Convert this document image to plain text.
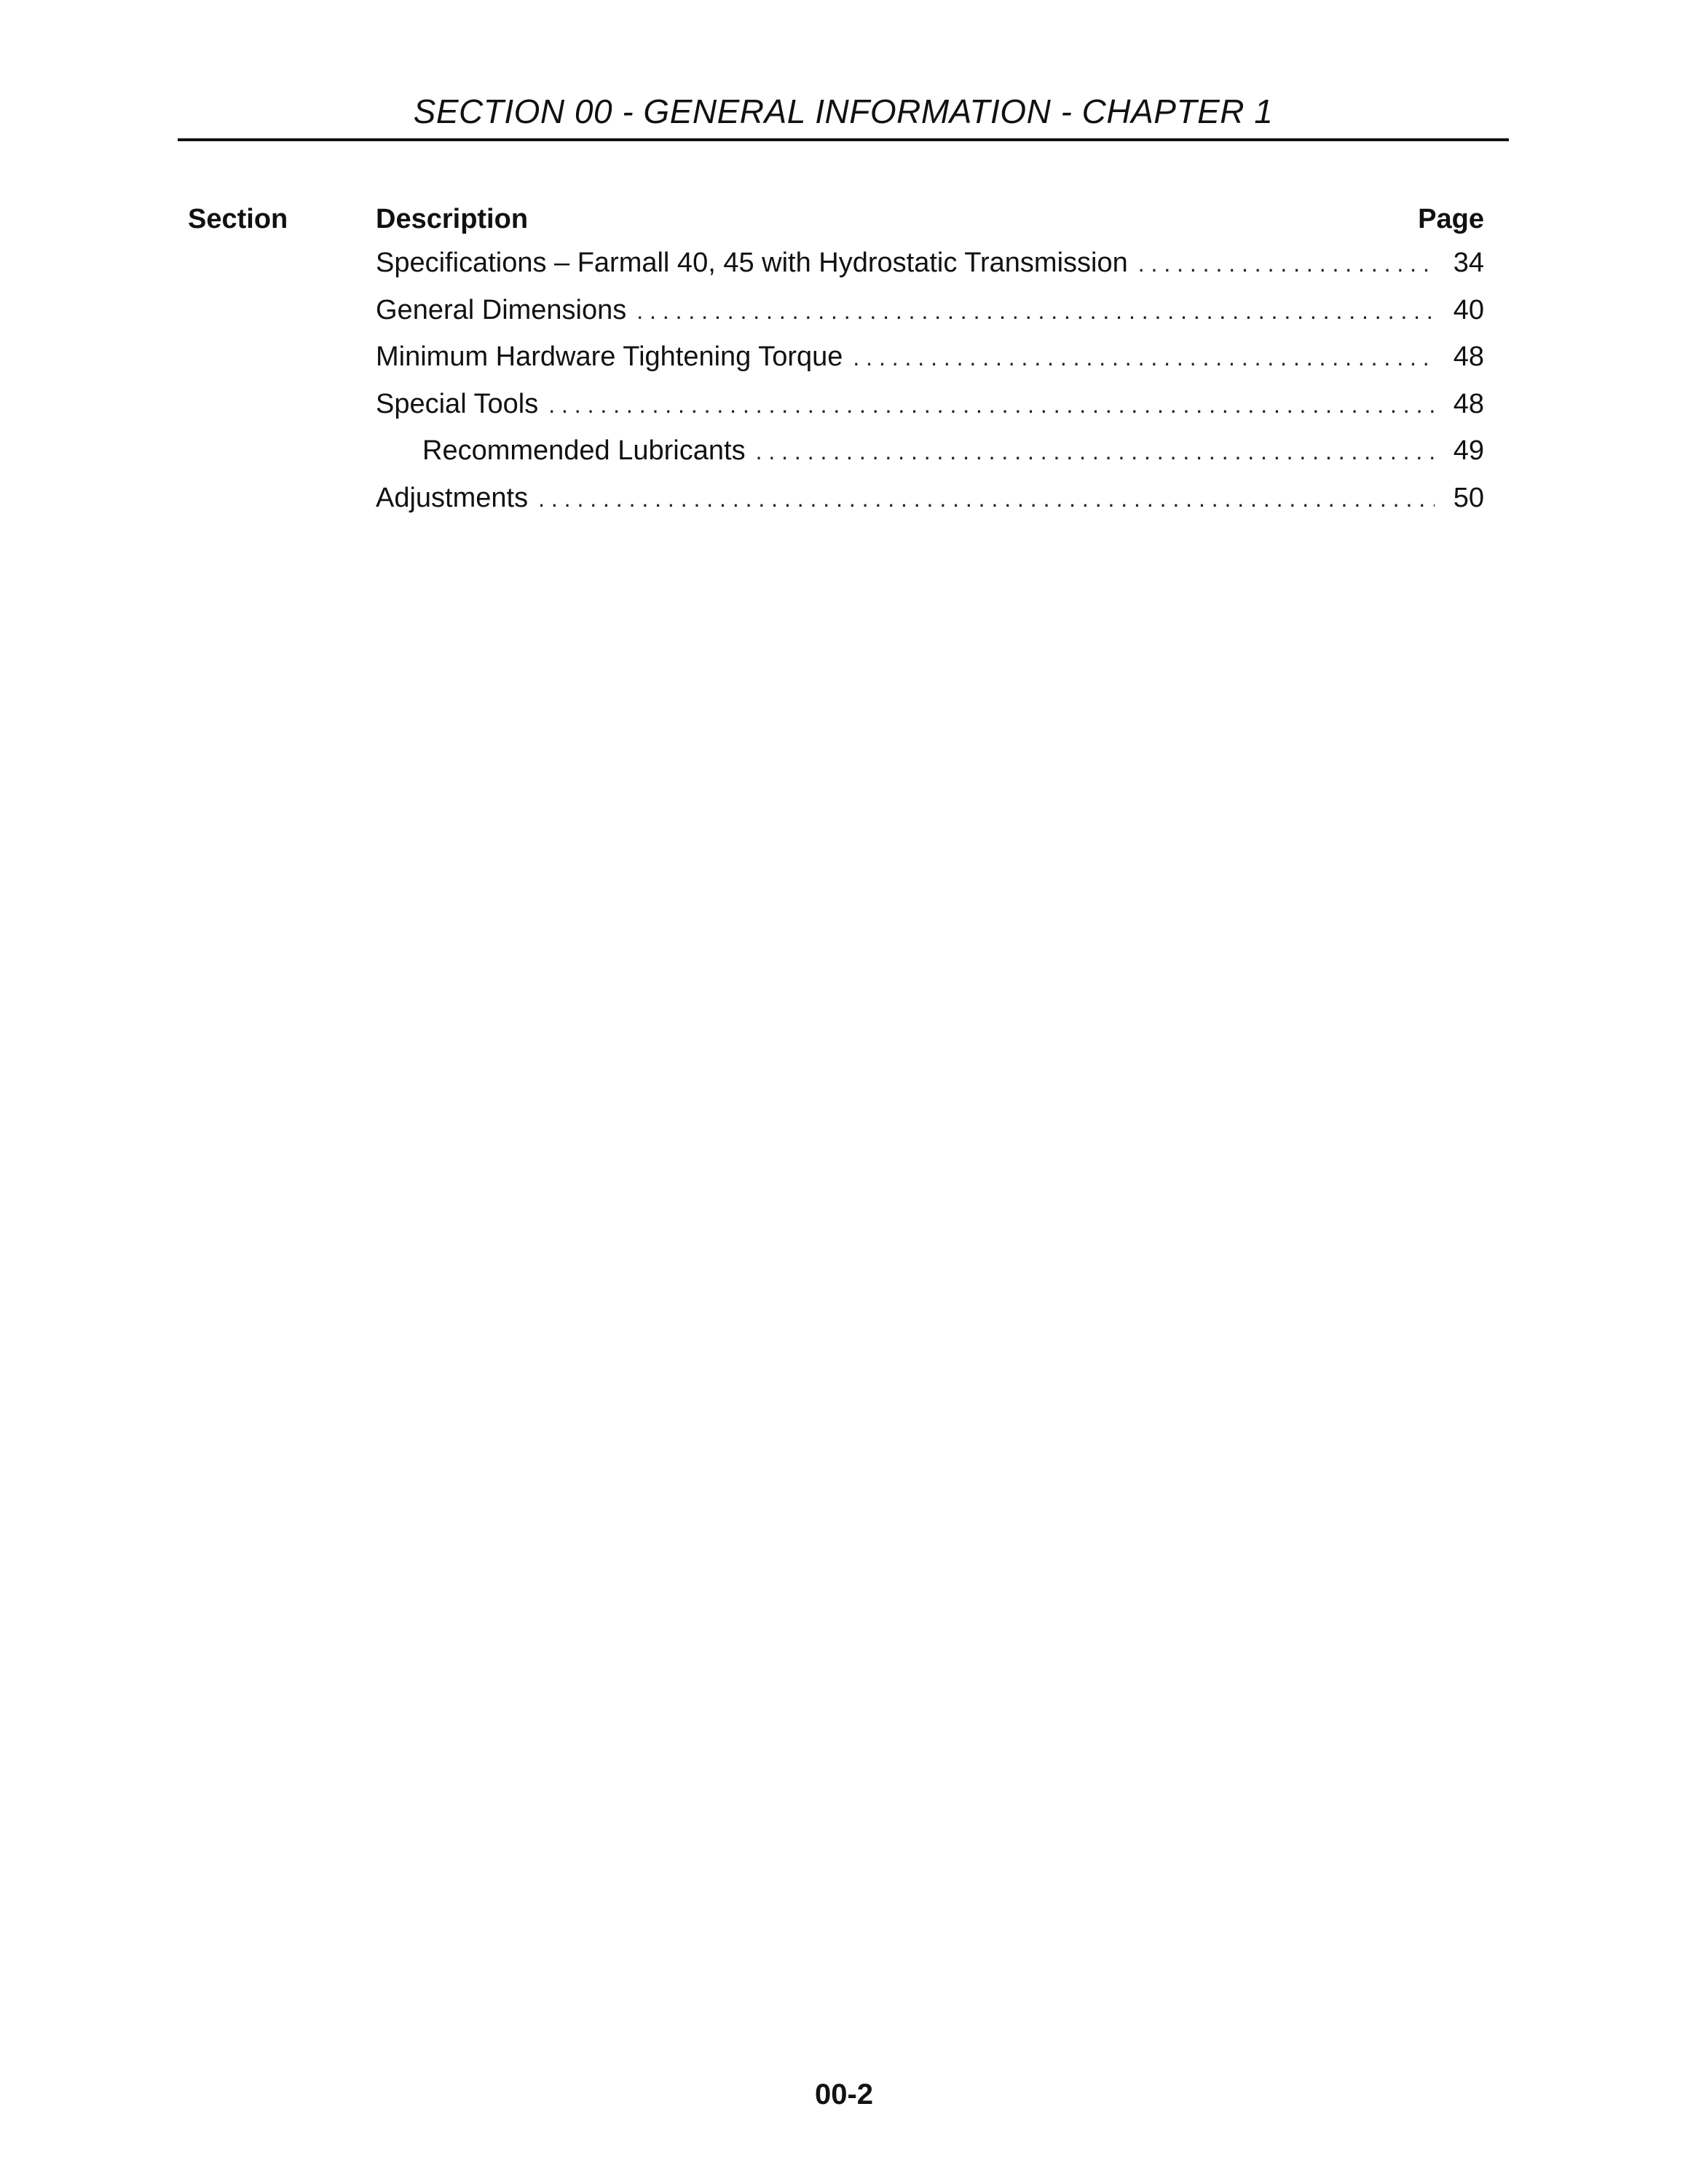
SECTION 00 - GENERAL INFORMATION - CHAPTER 1
Section	Description	Page
Specifications – Farmall 40, 45 with Hydrostatic Transmission . . .	34
General Dimensions . . .	40
Minimum Hardware Tightening Torque . . .	48
Special Tools . . .	48
Recommended Lubricants . . .	49
Adjustments . . .	50
00-2
